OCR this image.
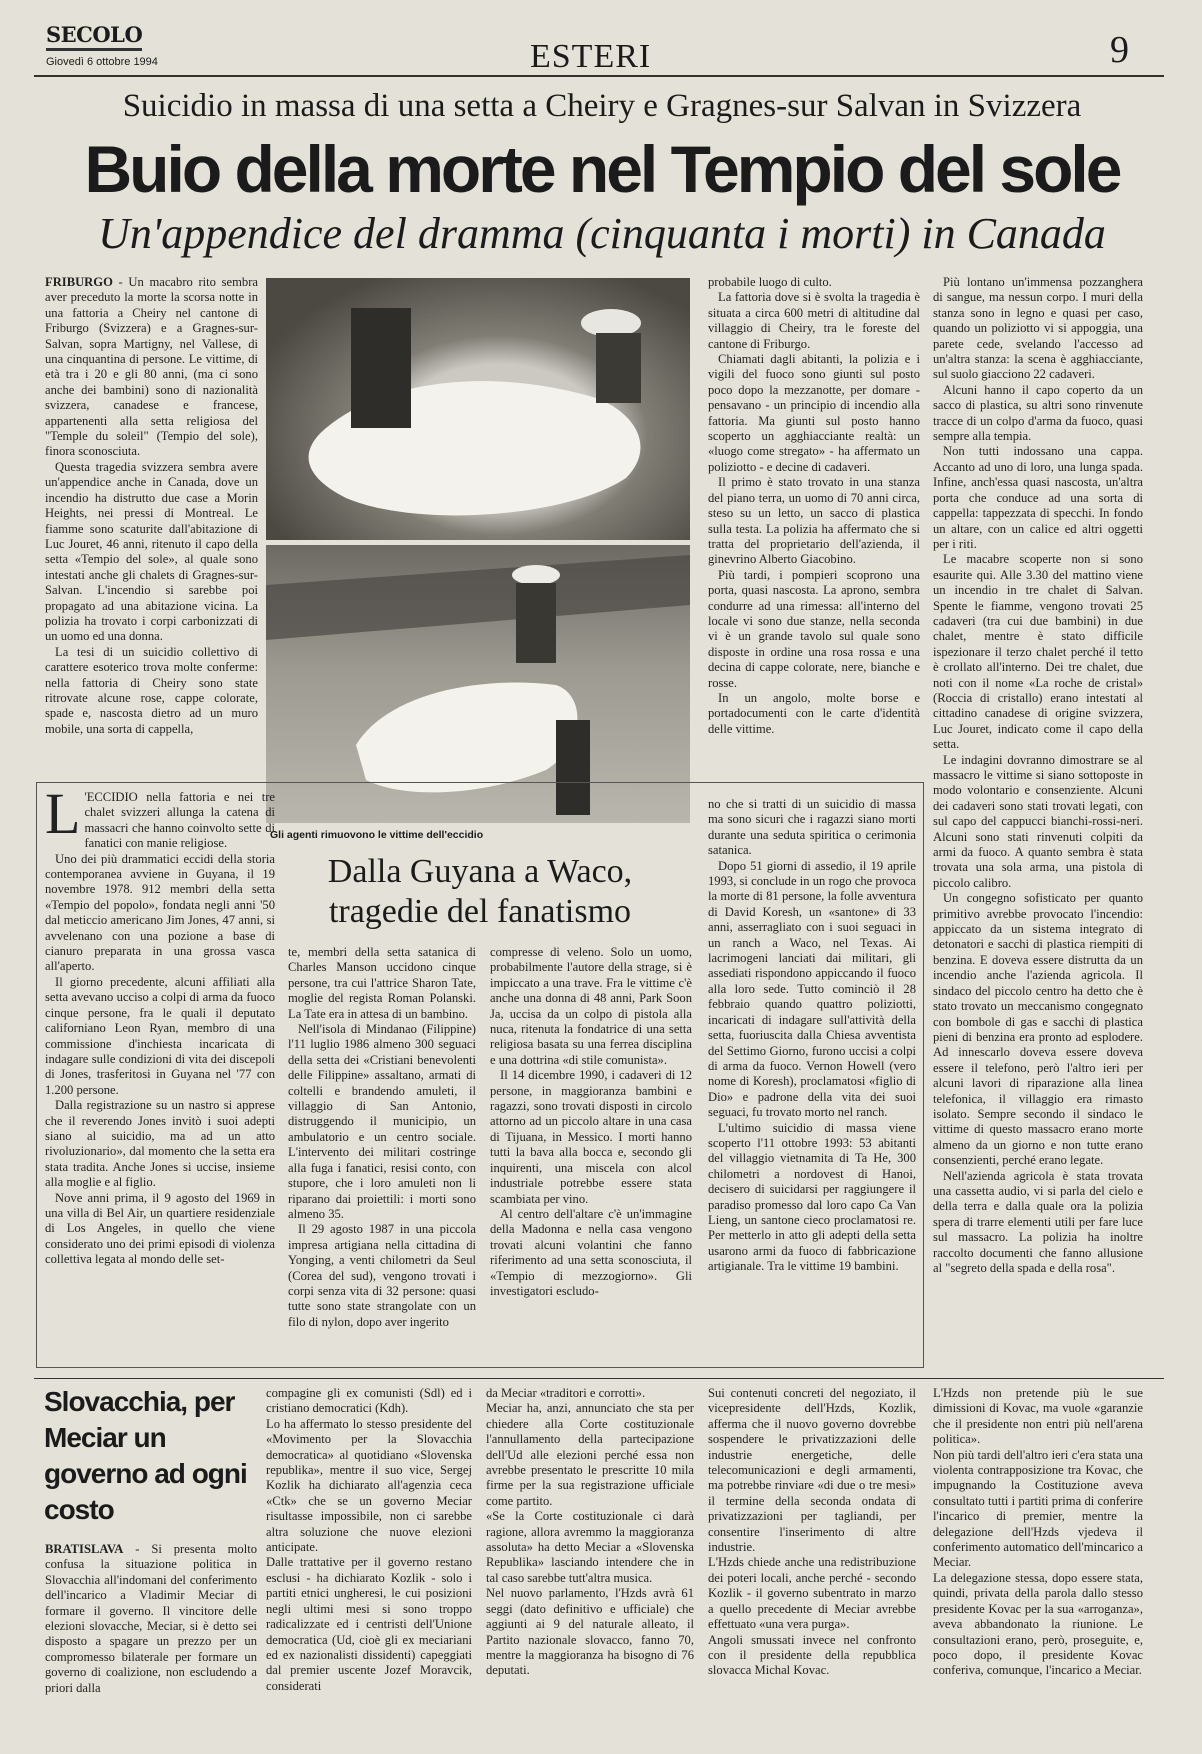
SECOLO
Giovedì 6 ottobre 1994	ESTERI	9
Suicidio in massa di una setta a Cheiry e Gragnes-sur Salvan in Svizzera
Buio della morte nel Tempio del sole
Un'appendice del dramma (cinquanta i morti) in Canada

FRIBURGO - Un macabro rito sembra aver preceduto la morte la scorsa notte in una fattoria a Cheiry nel cantone di Friburgo (Svizzera) e a Gragnes-sur-Salvan, sopra Martigny, nel Vallese, di una cinquantina di persone. Le vittime, di età tra i 20 e gli 80 anni, (ma ci sono anche dei bambini) sono di nazionalità svizzera, canadese e francese, appartenenti alla setta religiosa del "Temple du soleil" (Tempio del sole), finora sconosciuta.

Questa tragedia svizzera sembra avere un'appendice anche in Canada, dove un incendio ha distrutto due case a Morin Heights, nei pressi di Montreal. Le fiamme sono scaturite dall'abitazione di Luc Jouret, 46 anni, ritenuto il capo della setta «Tempio del sole», al quale sono intestati anche gli chalets di Gragnes-sur-Salvan. L'incendio si sarebbe poi propagato ad una abitazione vicina. La polizia ha trovato i corpi carbonizzati di un uomo ed una donna.

La tesi di un suicidio collettivo di carattere esoterico trova molte conferme: nella fattoria di Cheiry sono state ritrovate alcune rose, cappe colorate, spade e, nascosta dietro ad un muro mobile, una sorta di cappella,

Gli agenti rimuovono le vittime dell'eccidio

probabile luogo di culto.

La fattoria dove si è svolta la tragedia è situata a circa 600 metri di altitudine dal villaggio di Cheiry, tra le foreste del cantone di Friburgo.

Chiamati dagli abitanti, la polizia e i vigili del fuoco sono giunti sul posto poco dopo la mezzanotte, per domare - pensavano - un principio di incendio alla fattoria. Ma giunti sul posto hanno scoperto un agghiacciante realtà: un «luogo come stregato» - ha affermato un poliziotto - e decine di cadaveri.

Il primo è stato trovato in una stanza del piano terra, un uomo di 70 anni circa, steso su un letto, un sacco di plastica sulla testa. La polizia ha affermato che si tratta del proprietario dell'azienda, il ginevrino Alberto Giacobino.

Più tardi, i pompieri scoprono una porta, quasi nascosta. La aprono, sembra condurre ad una rimessa: all'interno del locale vi sono due stanze, nella seconda vi è un grande tavolo sul quale sono disposte in ordine una rosa rossa e una decina di cappe colorate, nere, bianche e rosse.

In un angolo, molte borse e portadocumenti con le carte d'identità delle vittime.

Più lontano un'immensa pozzanghera di sangue, ma nessun corpo. I muri della stanza sono in legno e quasi per caso, quando un poliziotto vi si appoggia, una parete cede, svelando l'accesso ad un'altra stanza: la scena è agghiacciante, sul suolo giacciono 22 cadaveri.

Alcuni hanno il capo coperto da un sacco di plastica, su altri sono rinvenute tracce di un colpo d'arma da fuoco, quasi sempre alla tempia.

Non tutti indossano una cappa. Accanto ad uno di loro, una lunga spada. Infine, anch'essa quasi nascosta, un'altra porta che conduce ad una sorta di cappella: tappezzata di specchi. In fondo un altare, con un calice ed altri oggetti per i riti.

Le macabre scoperte non si sono esaurite qui. Alle 3.30 del mattino viene un incendio in tre chalet di Salvan. Spente le fiamme, vengono trovati 25 cadaveri (tra cui due bambini) in due chalet, mentre è stato difficile ispezionare il terzo chalet perché il tetto è crollato all'interno. Dei tre chalet, due noti con il nome «La roche de cristal» (Roccia di cristallo) erano intestati al cittadino canadese di origine svizzera, Luc Jouret, indicato come il capo della setta.

Le indagini dovranno dimostrare se al massacro le vittime si siano sottoposte in modo volontario e consenziente. Alcuni dei cadaveri sono stati trovati legati, con sul capo del cappucci bianchi-rossi-neri. Alcuni sono stati rinvenuti colpiti da armi da fuoco. A quanto sembra è stata trovata una sola arma, una pistola di piccolo calibro.

Un congegno sofisticato per quanto primitivo avrebbe provocato l'incendio: appiccato da un sistema integrato di detonatori e sacchi di plastica riempiti di benzina. E doveva essere distrutta da un incendio anche l'azienda agricola. Il sindaco del piccolo centro ha detto che è stato trovato un meccanismo congegnato con bombole di gas e sacchi di plastica pieni di benzina era pronto ad esplodere. Ad innescarlo doveva essere doveva essere il telefono, però l'altro ieri per alcuni lavori di riparazione alla linea telefonica, il villaggio era rimasto isolato. Sempre secondo il sindaco le vittime di questo massacro erano morte almeno da un giorno e non tutte erano consenzienti, perché erano legate.

Nell'azienda agricola è stata trovata una cassetta audio, vi si parla del cielo e della terra e dalla quale ora la polizia spera di trarre elementi utili per fare luce sul massacro. La polizia ha inoltre raccolto documenti che fanno allusione al "segreto della spada e della rosa".

Dalla Guyana a Waco, tragedie del fanatismo

L 'ECCIDIO nella fattoria e nei tre chalet svizzeri allunga la catena di massacri che hanno coinvolto sette di fanatici con manie religiose.

Uno dei più drammatici eccidi della storia contemporanea avviene in Guyana, il 19 novembre 1978. 912 membri della setta «Tempio del popolo», fondata negli anni '50 dal meticcio americano Jim Jones, 47 anni, si avvelenano con una pozione a base di cianuro preparata in una grossa vasca all'aperto.

Il giorno precedente, alcuni affiliati alla setta avevano ucciso a colpi di arma da fuoco cinque persone, fra le quali il deputato californiano Leon Ryan, membro di una commissione d'inchiesta incaricata di indagare sulle condizioni di vita dei discepoli di Jones, trasferitosi in Guyana nel '77 con 1.200 persone.

Dalla registrazione su un nastro si apprese che il reverendo Jones invitò i suoi adepti siano al suicidio, ma ad un atto rivoluzionario», dal momento che la setta era stata tradita. Anche Jones si uccise, insieme alla moglie e al figlio.

Nove anni prima, il 9 agosto del 1969 in una villa di Bel Air, un quartiere residenziale di Los Angeles, in quello che viene considerato uno dei primi episodi di violenza collettiva legata al mondo delle set-

te, membri della setta satanica di Charles Manson uccidono cinque persone, tra cui l'attrice Sharon Tate, moglie del regista Roman Polanski. La Tate era in attesa di un bambino.

Nell'isola di Mindanao (Filippine) l'11 luglio 1986 almeno 300 seguaci della setta dei «Cristiani benevolenti delle Filippine» assaltano, armati di coltelli e brandendo amuleti, il villaggio di San Antonio, distruggendo il municipio, un ambulatorio e un centro sociale. L'intervento dei militari costringe alla fuga i fanatici, resisi conto, con stupore, che i loro amuleti non li riparano dai proiettili: i morti sono almeno 35.

Il 29 agosto 1987 in una piccola impresa artigiana nella cittadina di Yonging, a venti chilometri da Seul (Corea del sud), vengono trovati i corpi senza vita di 32 persone: quasi tutte sono state strangolate con un filo di nylon, dopo aver ingerito

compresse di veleno. Solo un uomo, probabilmente l'autore della strage, si è impiccato a una trave. Fra le vittime c'è anche una donna di 48 anni, Park Soon Ja, uccisa da un colpo di pistola alla nuca, ritenuta la fondatrice di una setta religiosa basata su una ferrea disciplina e una dottrina «di stile comunista».

Il 14 dicembre 1990, i cadaveri di 12 persone, in maggioranza bambini e ragazzi, sono trovati disposti in circolo attorno ad un piccolo altare in una casa di Tijuana, in Messico. I morti hanno tutti la bava alla bocca e, secondo gli inquirenti, una miscela con alcol industriale potrebbe essere stata scambiata per vino.

Al centro dell'altare c'è un'immagine della Madonna e nella casa vengono trovati alcuni volantini che fanno riferimento ad una setta sconosciuta, il «Tempio di mezzogiorno». Gli investigatori escludo-

no che si tratti di un suicidio di massa ma sono sicuri che i ragazzi siano morti durante una seduta spiritica o cerimonia satanica.

Dopo 51 giorni di assedio, il 19 aprile 1993, si conclude in un rogo che provoca la morte di 81 persone, la folle avventura di David Koresh, un «santone» di 33 anni, asserragliato con i suoi seguaci in un ranch a Waco, nel Texas. Ai lacrimogeni lanciati dai militari, gli assediati rispondono appiccando il fuoco alla loro sede. Tutto cominciò il 28 febbraio quando quattro poliziotti, incaricati di indagare sull'attività della setta, fuoriuscita dalla Chiesa avventista del Settimo Giorno, furono uccisi a colpi di arma da fuoco. Vernon Howell (vero nome di Koresh), proclamatosi «figlio di Dio» e padrone della vita dei suoi seguaci, fu trovato morto nel ranch.

L'ultimo suicidio di massa viene scoperto l'11 ottobre 1993: 53 abitanti del villaggio vietnamita di Ta He, 300 chilometri a nordovest di Hanoi, decisero di suicidarsi per raggiungere il paradiso promesso dal loro capo Ca Van Lieng, un santone cieco proclamatosi re. Per metterlo in atto gli adepti della setta usarono armi da fuoco di fabbricazione artigianale. Tra le vittime 19 bambini.

Slovacchia, per Meciar un governo ad ogni costo

BRATISLAVA - Si presenta molto confusa la situazione politica in Slovacchia all'indomani del conferimento dell'incarico a Vladimir Meciar di formare il governo. Il vincitore delle elezioni slovacche, Meciar, si è detto sei disposto a spagare un prezzo per un compromesso bilaterale per formare un governo di coalizione, non escludendo a priori dalla

compagine gli ex comunisti (Sdl) ed i cristiano democratici (Kdh).
Lo ha affermato lo stesso presidente del «Movimento per la Slovacchia democratica» al quotidiano «Slovenska republika», mentre il suo vice, Sergej Kozlik ha dichiarato all'agenzia ceca «Ctk» che se un governo Meciar risultasse impossibile, non ci sarebbe altra soluzione che nuove elezioni anticipate.
Dalle trattative per il governo restano esclusi - ha dichiarato Kozlik - solo i partiti etnici ungheresi, le cui posizioni negli ultimi mesi si sono troppo radicalizzate ed i centristi dell'Unione democratica (Ud, cioè gli ex meciariani ed ex nazionalisti dissidenti) capeggiati dal premier uscente Jozef Moravcik, considerati
da Meciar «traditori e corrotti».
Meciar ha, anzi, annunciato che sta per chiedere alla Corte costituzionale l'annullamento della partecipazione dell'Ud alle elezioni perché essa non avrebbe presentato le prescritte 10 mila firme per la sua registrazione ufficiale come partito.
«Se la Corte costituzionale ci darà ragione, allora avremmo la maggioranza assoluta» ha detto Meciar a «Slovenska Republika» lasciando intendere che in tal caso sarebbe tutt'altra musica.
Nel nuovo parlamento, l'Hzds avrà 61 seggi (dato definitivo e ufficiale) che aggiunti ai 9 del naturale alleato, il Partito nazionale slovacco, fanno 70, mentre la maggioranza ha bisogno di 76 deputati.
Sui contenuti concreti del negoziato, il vicepresidente dell'Hzds, Kozlik, afferma che il nuovo governo dovrebbe sospendere le privatizzazioni delle industrie energetiche, delle telecomunicazioni e degli armamenti, ma potrebbe rinviare «di due o tre mesi» il termine della seconda ondata di privatizzazioni per tagliandi, per consentire l'inserimento di altre industrie.
L'Hzds chiede anche una redistribuzione dei poteri locali, anche perché - secondo Kozlik - il governo subentrato in marzo a quello precedente di Meciar avrebbe effettuato «una vera purga».
Angoli smussati invece nel confronto con il presidente della repubblica slovacca Michal Kovac.
L'Hzds non pretende più le sue dimissioni di Kovac, ma vuole «garanzie che il presidente non entri più nell'arena politica».
Non più tardi dell'altro ieri c'era stata una violenta contrapposizione tra Kovac, che impugnando la Costituzione aveva consultato tutti i partiti prima di conferire l'incarico di premier, mentre la delegazione dell'Hzds vjedeva il conferimento automatico dell'mincarico a Meciar.
La delegazione stessa, dopo essere stata, quindi, privata della parola dallo stesso presidente Kovac per la sua «arroganza», aveva abbandonato la riunione. Le consultazioni erano, però, proseguite, e, poco dopo, il presidente Kovac conferiva, comunque, l'incarico a Meciar.
